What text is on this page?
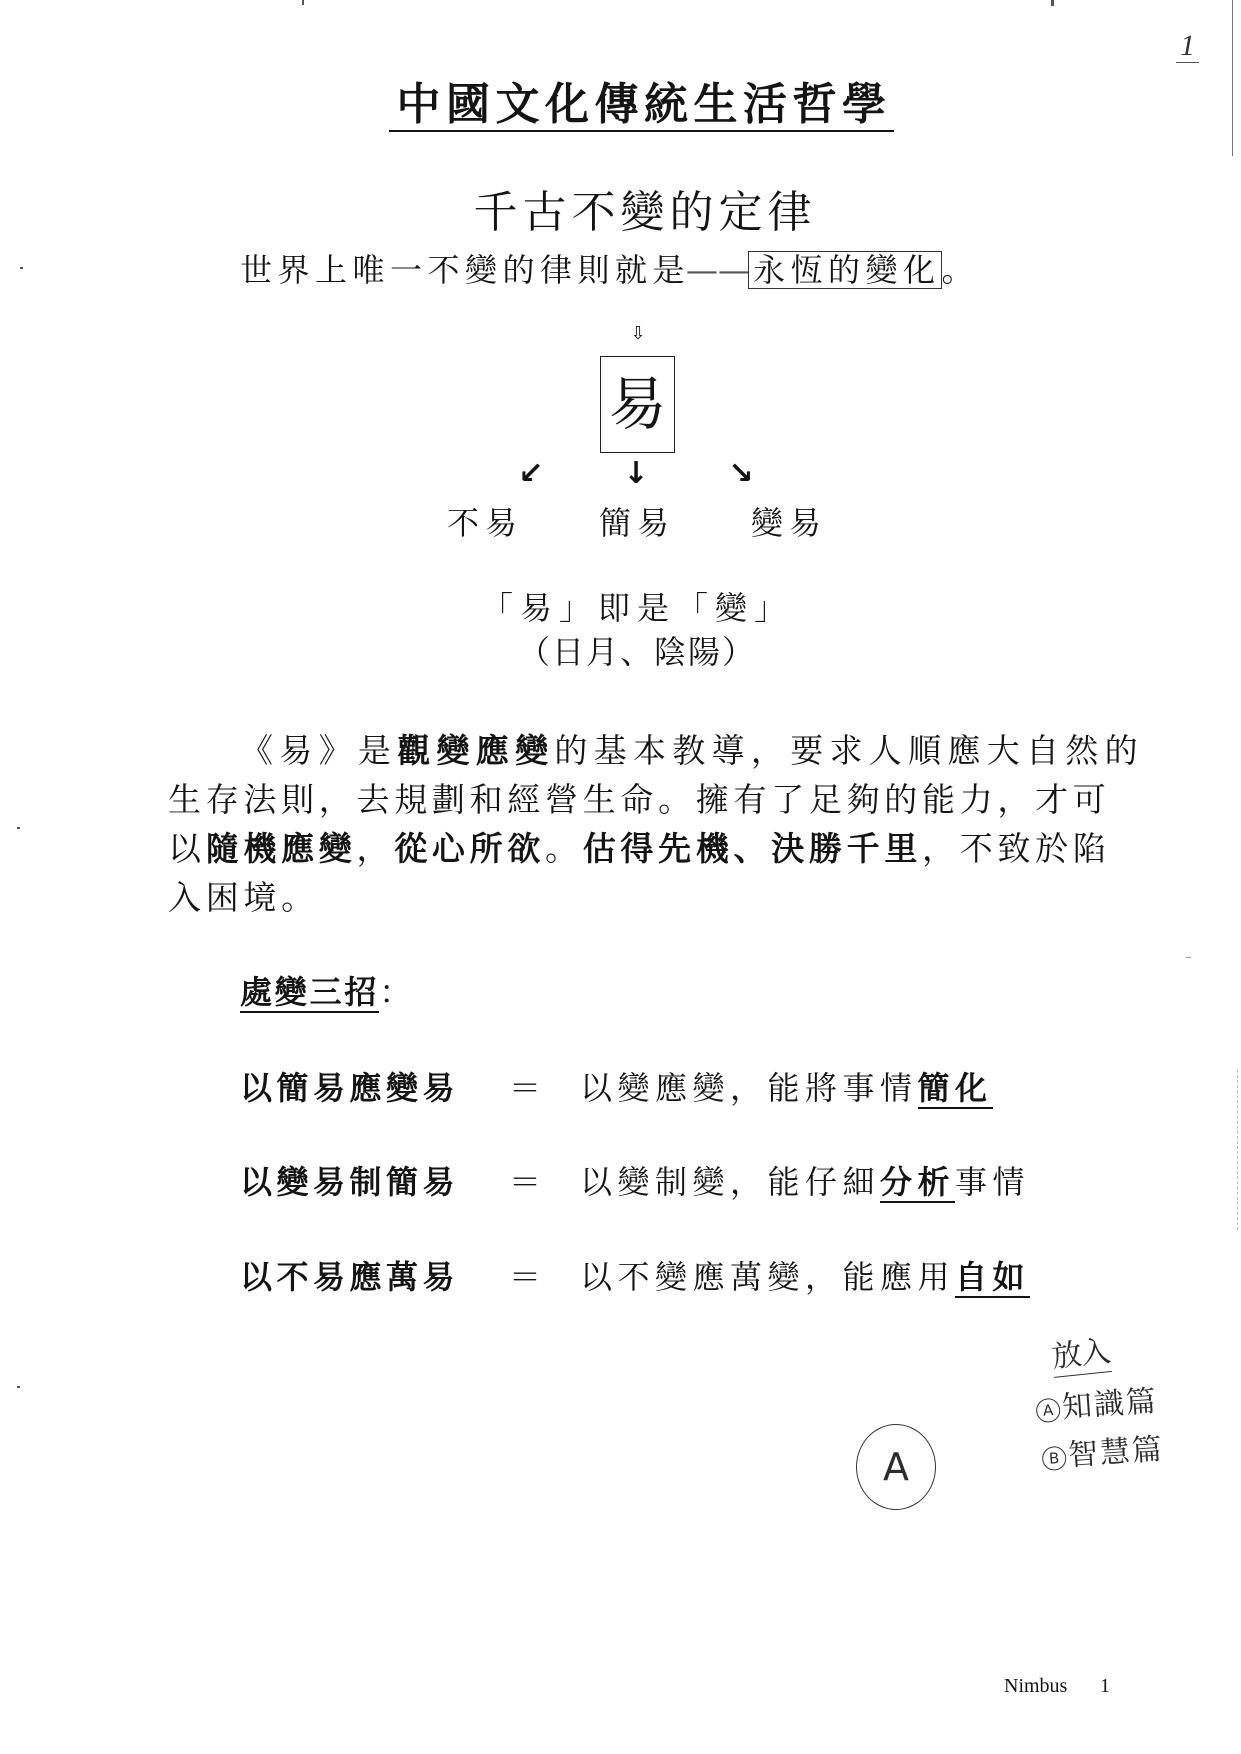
1
中國文化傳統生活哲學
千古不變的定律
世界上唯一不變的律則就是——永恆的變化。
⇩
易
↙	↓	↘
不易	簡易	變易
「易」即是「變」
（日月、陰陽）
《易》是觀變應變的基本教導，要求人順應大自然的
生存法則，去規劃和經營生命。擁有了足夠的能力，才可
以隨機應變，從心所欲。估得先機、決勝千里，不致於陷
入困境。
處變三招：
以簡易應變易 ＝ 以變應變，能將事情簡化
以變易制簡易 ＝ 以變制變，能仔細分析事情
以不易應萬易 ＝ 以不變應萬變，能應用自如
放入
A 知識篇
B 智慧篇
A
Nimbus 1
